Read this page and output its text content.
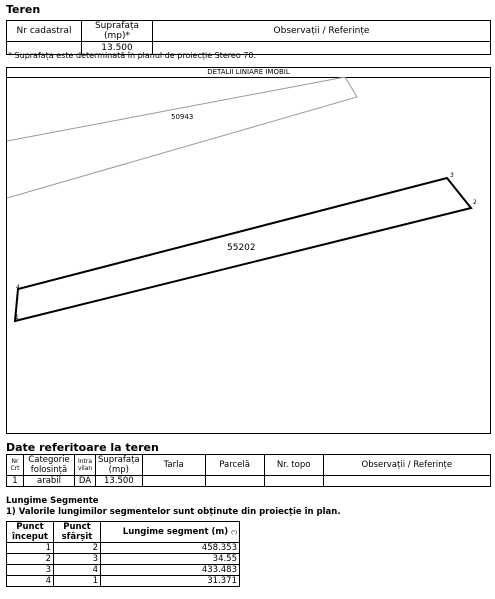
Teren
Nr cadastral	Suprafața (mp)*	Observații / Referințe
	13.500	
* Suprafața este determinată în planul de proiecție Stereo 70.
DETALII LINIARE IMOBIL
50943
55202
1
2
3
4
Date referitoare la teren
Nr Crt	Categorie folosință	Intra vilan	Suprafața (mp)	Tarla	Parcelă	Nr. topo	Observații / Referințe
1	arabil	DA	13.500				
Lungime Segmente
1) Valorile lungimilor segmentelor sunt obținute din proiecție în plan.
Punct început	Punct sfârșit	Lungime segment (m) (¹)
1	2	458.353
2	3	34.55
3	4	433.483
4	1	31.371
